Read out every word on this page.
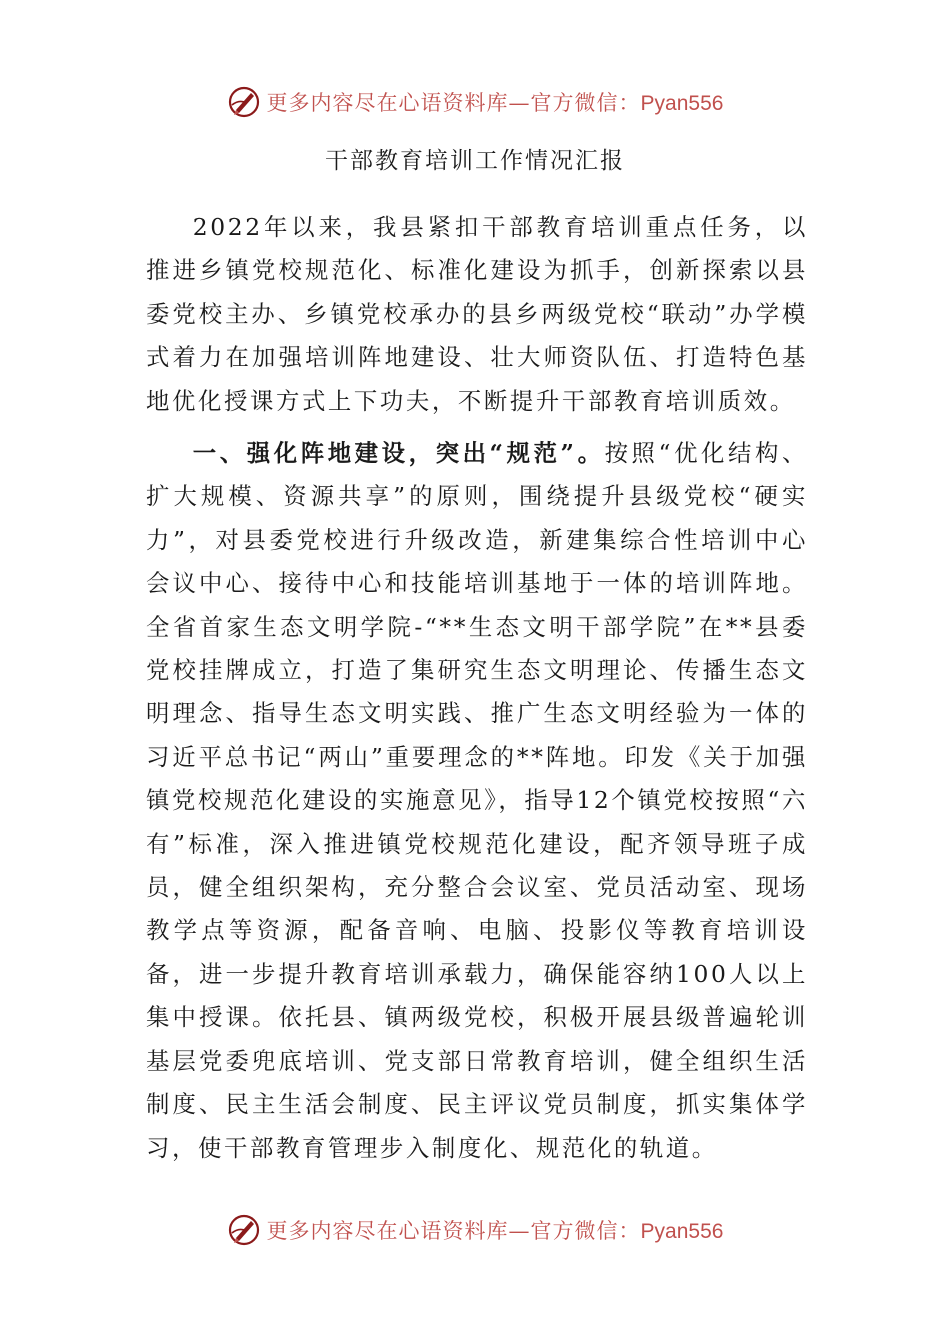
更多内容尽在心语资料库—官方微信：Pyan556
干部教育培训工作情况汇报
2022年以来，我县紧扣干部教育培训重点任务，以推进乡镇党校规范化、标准化建设为抓手，创新探索以县委党校主办、乡镇党校承办的县乡两级党校“联动”办学模式着力在加强培训阵地建设、壮大师资队伍、打造特色基地优化授课方式上下功夫，不断提升干部教育培训质效。
一、强化阵地建设，突出“规范”。按照“优化结构、扩大规模、资源共享”的原则，围绕提升县级党校“硬实力”，对县委党校进行升级改造，新建集综合性培训中心会议中心、接待中心和技能培训基地于一体的培训阵地。全省首家生态文明学院-“**生态文明干部学院”在**县委党校挂牌成立，打造了集研究生态文明理论、传播生态文明理念、指导生态文明实践、推广生态文明经验为一体的习近平总书记“两山”重要理念的**阵地。印发《关于加强镇党校规范化建设的实施意见》，指导12个镇党校按照“六有”标准，深入推进镇党校规范化建设，配齐领导班子成员，健全组织架构，充分整合会议室、党员活动室、现场教学点等资源，配备音响、电脑、投影仪等教育培训设备，进一步提升教育培训承载力，确保能容纳100人以上集中授课。依托县、镇两级党校，积极开展县级普遍轮训基层党委兜底培训、党支部日常教育培训，健全组织生活制度、民主生活会制度、民主评议党员制度，抓实集体学习，使干部教育管理步入制度化、规范化的轨道。
更多内容尽在心语资料库—官方微信：Pyan556
